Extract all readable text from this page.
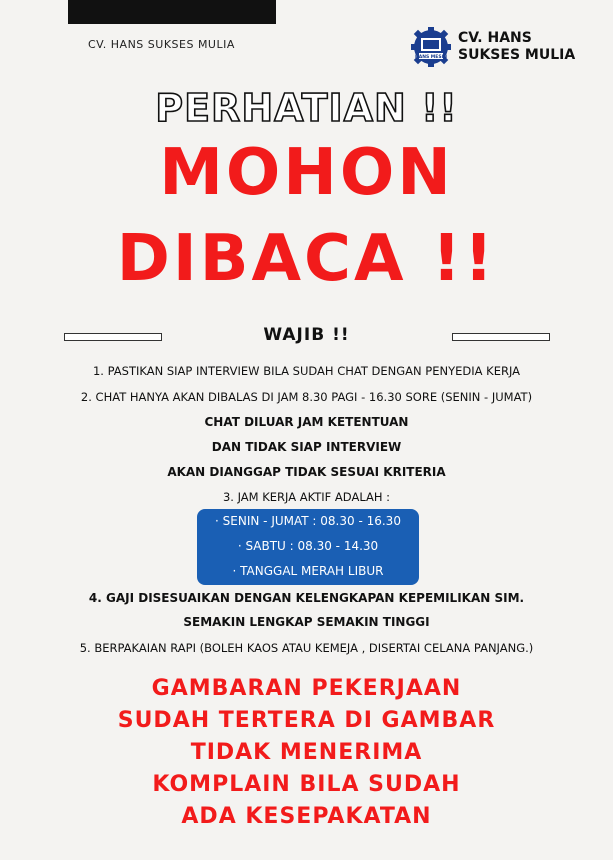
CV. HANS SUKSES MULIA
HANS MESIN
CV. HANS
SUKSES MULIA
PERHATIAN !!
MOHON
DIBACA !!
WAJIB !!
1. PASTIKAN SIAP INTERVIEW BILA SUDAH CHAT DENGAN PENYEDIA KERJA
2. CHAT HANYA AKAN DIBALAS DI JAM 8.30 PAGI - 16.30 SORE (SENIN - JUMAT)
CHAT DILUAR JAM KETENTUAN
DAN TIDAK SIAP INTERVIEW
AKAN DIANGGAP TIDAK SESUAI KRITERIA
3. JAM KERJA AKTIF ADALAH :
· SENIN - JUMAT : 08.30 - 16.30
· SABTU : 08.30 - 14.30
· TANGGAL MERAH LIBUR
4. GAJI DISESUAIKAN DENGAN KELENGKAPAN KEPEMILIKAN SIM.
SEMAKIN LENGKAP SEMAKIN TINGGI
5. BERPAKAIAN RAPI (BOLEH KAOS ATAU KEMEJA , DISERTAI CELANA PANJANG.)
GAMBARAN PEKERJAAN
SUDAH TERTERA DI GAMBAR
TIDAK MENERIMA
KOMPLAIN BILA SUDAH
ADA KESEPAKATAN
